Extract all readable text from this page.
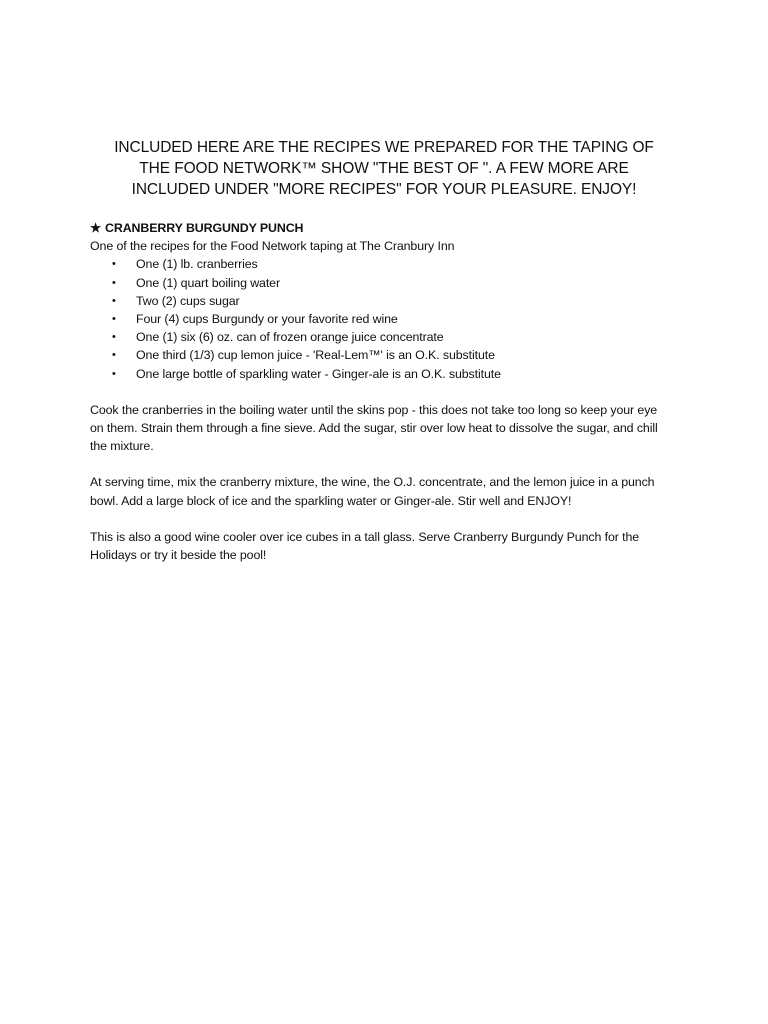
INCLUDED HERE ARE THE RECIPES WE PREPARED FOR THE TAPING OF THE FOOD NETWORK™ SHOW "THE BEST OF ". A FEW MORE ARE INCLUDED UNDER "MORE RECIPES" FOR YOUR PLEASURE. ENJOY!

★ CRANBERRY BURGUNDY PUNCH

One of the recipes for the Food Network taping at The Cranbury Inn

• One (1) lb. cranberries
• One (1) quart boiling water
• Two (2) cups sugar
• Four (4) cups Burgundy or your favorite red wine
• One (1) six (6) oz. can of frozen orange juice concentrate
• One third (1/3) cup lemon juice - 'Real-Lem™' is an O.K. substitute
• One large bottle of sparkling water - Ginger-ale is an O.K. substitute

Cook the cranberries in the boiling water until the skins pop - this does not take too long so keep your eye on them. Strain them through a fine sieve. Add the sugar, stir over low heat to dissolve the sugar, and chill the mixture.

At serving time, mix the cranberry mixture, the wine, the O.J. concentrate, and the lemon juice in a punch bowl. Add a large block of ice and the sparkling water or Ginger-ale. Stir well and ENJOY!

This is also a good wine cooler over ice cubes in a tall glass. Serve Cranberry Burgundy Punch for the Holidays or try it beside the pool!
